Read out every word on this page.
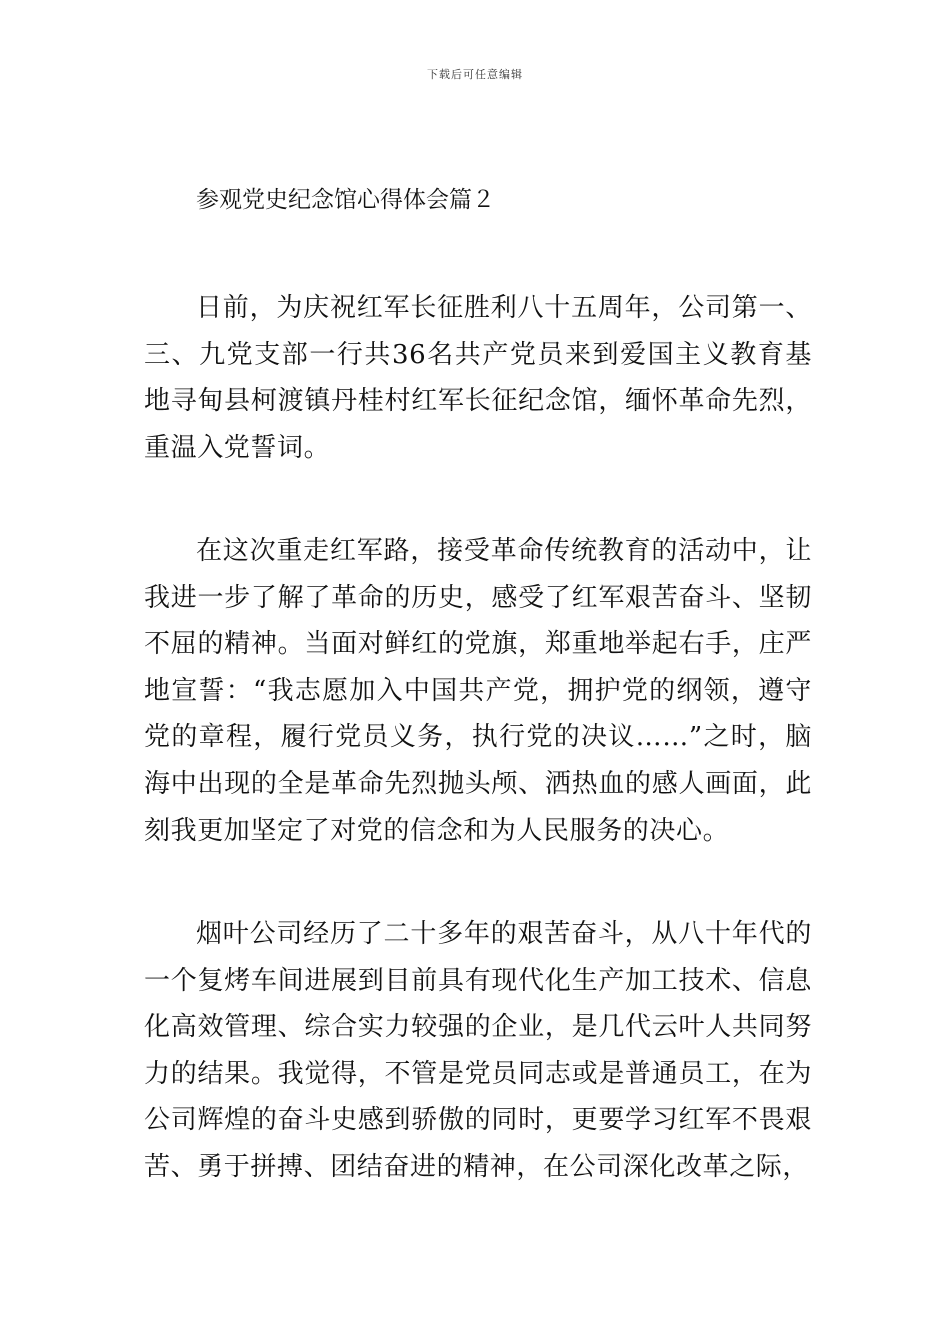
下载后可任意编辑
参观党史纪念馆心得体会篇２

日前，为庆祝红军长征胜利八十五周年，公司第一、三、九党支部一行共36名共产党员来到爱国主义教育基地寻甸县柯渡镇丹桂村红军长征纪念馆，缅怀革命先烈，重温入党誓词。

在这次重走红军路，接受革命传统教育的活动中，让我进一步了解了革命的历史，感受了红军艰苦奋斗、坚韧不屈的精神。当面对鲜红的党旗，郑重地举起右手，庄严地宣誓：“我志愿加入中国共产党，拥护党的纲领，遵守党的章程，履行党员义务，执行党的决议……”之时，脑海中出现的全是革命先烈抛头颅、洒热血的感人画面，此刻我更加坚定了对党的信念和为人民服务的决心。

烟叶公司经历了二十多年的艰苦奋斗，从八十年代的一个复烤车间进展到目前具有现代化生产加工技术、信息化高效管理、综合实力较强的企业，是几代云叶人共同努力的结果。我觉得，不管是党员同志或是普通员工，在为公司辉煌的奋斗史感到骄傲的同时，更要学习红军不畏艰苦、勇于拼搏、团结奋进的精神，在公司深化改革之际，
